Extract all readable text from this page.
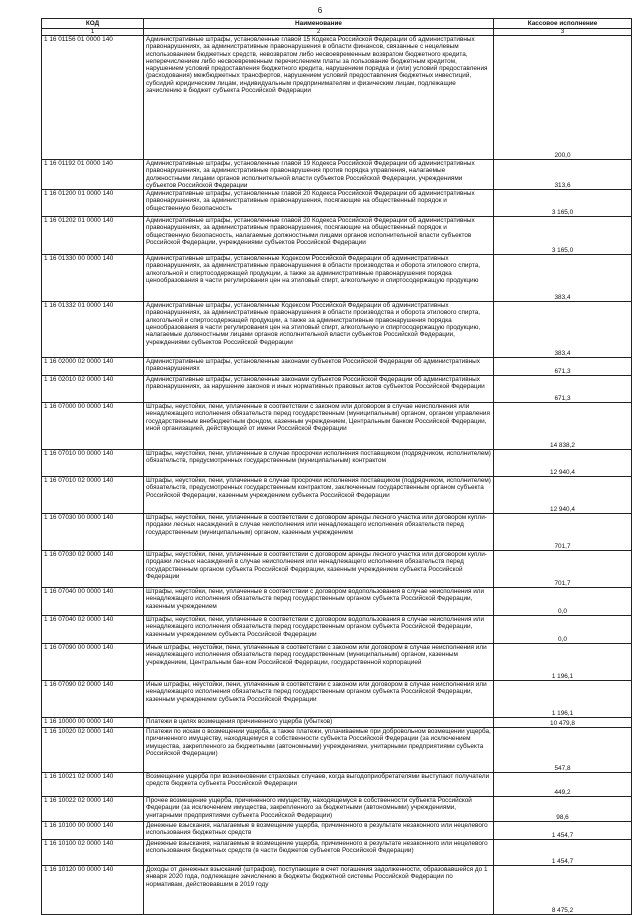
6
КОД	Наименование	Кассовое исполнение
1	2	3
1 16 01156 01 0000 140	Административные штрафы, установленные главой 15 Кодекса Российской Федерации об административных правонарушениях, за административные правонарушения в области финансов, связанные с нецелевым использованием бюджетных средств, невозвратом либо несвоевременным возвратом бюджетного кредита, неперечислением либо несвоевременным перечислением платы за пользование бюджетным кредитом, нарушением условий предоставления бюджетного кредита, нарушением порядка и (или) условий предоставления (расходования) межбюджетных трансфертов, нарушением условий предоставления бюджетных инвестиций, субсидий юридическим лицам, индивидуальным предпринимателям и физическим лицам, подлежащие зачислению в бюджет субъекта Российской Федерации	200,0
1 16 01192 01 0000 140	Административные штрафы, установленные главой 19 Кодекса Российской Федерации об административных правонарушениях, за административные правонарушения против порядка управления, налагаемые должностными лицами органов исполнительной власти субъектов Российской Федерации, учреждениями субъектов Российской Федерации	313,6
1 16 01200 01 0000 140	Административные штрафы, установленные главой 20 Кодекса Российской Федерации об административных правонарушениях, за административные правонарушения, посягающие на общественный порядок и общественную безопасность	3 165,0
1 16 01202 01 0000 140	Административные штрафы, установленные главой 20 Кодекса Российской Федерации об административных правонарушениях, за административные правонарушения, посягающие на общественный порядок и общественную безопасность, налагаемые должностными лицами органов исполнительной власти субъектов Российской Федерации, учреждениями субъектов Российской Федерации	3 165,0
1 16 01330 00 0000 140	Административные штрафы, установленные Кодексом Российской Федерации об административных правонарушениях, за административные правонарушения в области производства и оборота этилового спирта, алкогольной и спиртосодержащей продукции, а также за административные правонарушения порядка ценообразования в части регулирования цен на этиловый спирт, алкогольную и спиртосодержащую продукцию	383,4
1 16 01332 01 0000 140	Административные штрафы, установленные Кодексом Российской Федерации об административных правонарушениях, за административные правонарушения в области производства и оборота этилового спирта, алкогольной и спиртосодержащей продукции, а также за административные правонарушения порядка ценообразования в части регулирования цен на этиловый спирт, алкогольную и спиртосодержащую продукцию, налагаемые должностными лицами органов исполнительной власти субъектов Российской Федерации, учреждениями субъектов Российской Федерации	383,4
1 16 02000 02 0000 140	Административные штрафы, установленные законами субъектов Российской Федерации об административных правонарушениях	671,3
1 16 02010 02 0000 140	Административные штрафы, установленные законами субъектов Российской Федерации об административных правонарушениях, за нарушение законов и иных нормативных правовых актов субъектов Российской Федерации	671,3
1 16 07000 00 0000 140	Штрафы, неустойки, пени, уплаченные в соответствии с законом или договором в случае неисполнения или ненадлежащего исполнения обязательств перед государственным (муниципальным) органом, органом управления государственным внебюджетным фондом, казенным учреждением, Центральным банком Российской Федерации, иной организацией, действующей от имени Российской Федерации	14 838,2
1 16 07010 00 0000 140	Штрафы, неустойки, пени, уплаченные в случае просрочки исполнения поставщиком (подрядчиком, исполнителем) обязательств, предусмотренных государственным (муниципальным) контрактом	12 940,4
1 16 07010 02 0000 140	Штрафы, неустойки, пени, уплаченные в случае просрочки исполнения поставщиком (подрядчиком, исполнителем) обязательств, предусмотренных государственным контрактом, заключенным государственным органом субъекта Российской Федерации, казенным учреждением субъекта Российской Федерации	12 940,4
1 16 07030 00 0000 140	Штрафы, неустойки, пени, уплаченные в соответствии с договором аренды лесного участка или договором купли-продажи лесных насаждений в случае неисполнения или ненадлежащего исполнения обязательств перед государственным (муниципальным) органом, казенным учреждением	701,7
1 16 07030 02 0000 140	Штрафы, неустойки, пени, уплаченные в соответствии с договором аренды лесного участка или договором купли-продажи лесных насаждений в случае неисполнения или ненадлежащего исполнения обязательств перед государственным органом субъекта Российской Федерации, казенным учреждением субъекта Российской Федерации	701,7
1 16 07040 00 0000 140	Штрафы, неустойки, пени, уплаченные в соответствии с договором водопользования в случае неисполнения или ненадлежащего исполнения обязательств перед государственным органом субъекта Российской Федерации, казенным учреждением	0,0
1 16 07040 02 0000 140	Штрафы, неустойки, пени, уплаченные в соответствии с договором водопользования в случае неисполнения или ненадлежащего исполнения обязательств перед государственным органом субъекта Российской Федерации, казенным учреждением субъекта Российской Федерации	0,0
1 16 07090 00 0000 140	Иные штрафы, неустойки, пени, уплаченные в соответствии с законом или договором в случае неисполнения или ненадлежащего исполнения обязательств перед государственным (муниципальным) органом, казенным учреждением, Центральным бан-ком Российской Федерации, государственной корпорацией	1 196,1
1 16 07090 02 0000 140	Иные штрафы, неустойки, пени, уплаченные в соответствии с законом или договором в случае неисполнения или ненадлежащего исполнения обязательств перед государственным органом субъекта Российской Федерации, казенным учреждением субъекта Российской Федерации	1 196,1
1 16 10000 00 0000 140	Платежи в целях возмещения причиненного ущерба (убытков)	10 479,8
1 16 10020 02 0000 140	Платежи по искам о возмещении ущерба, а также платежи, уплачиваемые при добровольном возмещении ущерба, причиненного имуществу, находящемуся в собственности субъекта Российской Федерации (за исключением имущества, закрепленного за бюджетными (автономными) учреждениями, унитарными предприятиями субъекта Российской Федерации)	547,8
1 16 10021 02 0000 140	Возмещение ущерба при возникновении страховых случаев, когда выгодоприобретателями выступают получатели средств бюджета субъекта Российской Федерации	449,2
1 16 10022 02 0000 140	Прочее возмещение ущерба, причиненного имуществу, находящемуся в собственности субъекта Российской Федерации (за исключением имущества, закрепленного за бюджетными (автономными) учреждениями, унитарными предприятиями субъекта Российской Федерации)	98,6
1 16 10100 00 0000 140	Денежные взыскания, налагаемые в возмещение ущерба, причиненного в результате незаконного или нецелевого использования бюджетных средств	1 454,7
1 16 10100 02 0000 140	Денежные взыскания, налагаемые в возмещение ущерба, причиненного в результате незаконного или нецелевого использования бюджетных средств (в части бюджетов субъектов Российской Федерации)	1 454,7
1 16 10120 00 0000 140	Доходы от денежных взысканий (штрафов), поступающие в счет погашения задолженности, образовавшейся до 1 января 2020 года, подлежащие зачислению в бюджеты бюджетной системы Российской Федерации по нормативам, действовавшим в 2019 году	8 475,2
